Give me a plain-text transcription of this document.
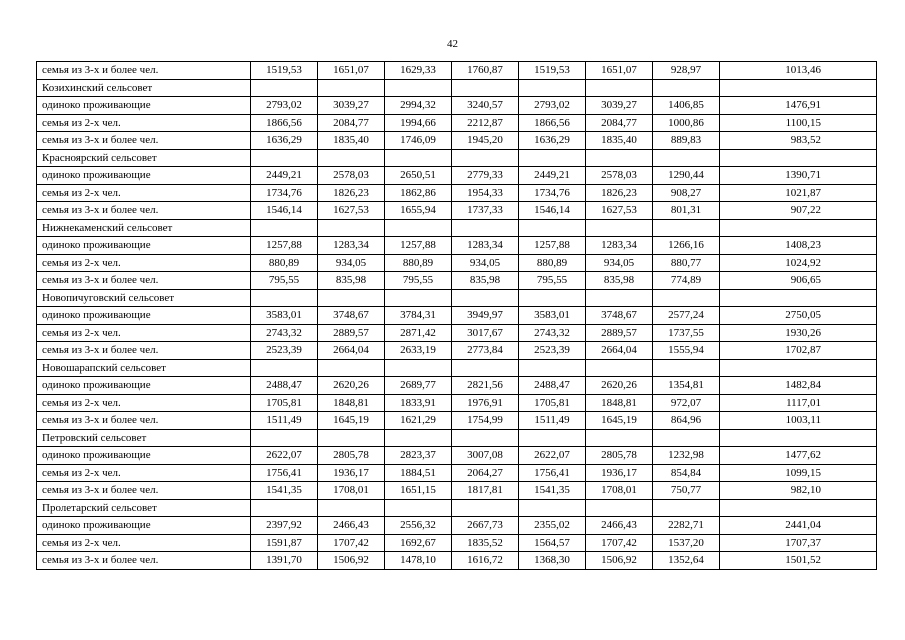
42
семья из 3-х и более чел.	1519,53	1651,07	1629,33	1760,87	1519,53	1651,07	928,97	1013,46
Козихинский сельсовет								
одиноко проживающие	2793,02	3039,27	2994,32	3240,57	2793,02	3039,27	1406,85	1476,91
семья из 2-х чел.	1866,56	2084,77	1994,66	2212,87	1866,56	2084,77	1000,86	1100,15
семья из 3-х и более чел.	1636,29	1835,40	1746,09	1945,20	1636,29	1835,40	889,83	983,52
Красноярский сельсовет								
одиноко проживающие	2449,21	2578,03	2650,51	2779,33	2449,21	2578,03	1290,44	1390,71
семья из 2-х чел.	1734,76	1826,23	1862,86	1954,33	1734,76	1826,23	908,27	1021,87
семья из 3-х и более чел.	1546,14	1627,53	1655,94	1737,33	1546,14	1627,53	801,31	907,22
Нижнекаменский сельсовет								
одиноко проживающие	1257,88	1283,34	1257,88	1283,34	1257,88	1283,34	1266,16	1408,23
семья из 2-х чел.	880,89	934,05	880,89	934,05	880,89	934,05	880,77	1024,92
семья из 3-х и более чел.	795,55	835,98	795,55	835,98	795,55	835,98	774,89	906,65
Новопичуговский сельсовет								
одиноко проживающие	3583,01	3748,67	3784,31	3949,97	3583,01	3748,67	2577,24	2750,05
семья из 2-х чел.	2743,32	2889,57	2871,42	3017,67	2743,32	2889,57	1737,55	1930,26
семья из 3-х и более чел.	2523,39	2664,04	2633,19	2773,84	2523,39	2664,04	1555,94	1702,87
Новошарапский сельсовет								
одиноко проживающие	2488,47	2620,26	2689,77	2821,56	2488,47	2620,26	1354,81	1482,84
семья из 2-х чел.	1705,81	1848,81	1833,91	1976,91	1705,81	1848,81	972,07	1117,01
семья из 3-х и более чел.	1511,49	1645,19	1621,29	1754,99	1511,49	1645,19	864,96	1003,11
Петровский сельсовет								
одиноко проживающие	2622,07	2805,78	2823,37	3007,08	2622,07	2805,78	1232,98	1477,62
семья из 2-х чел.	1756,41	1936,17	1884,51	2064,27	1756,41	1936,17	854,84	1099,15
семья из 3-х и более чел.	1541,35	1708,01	1651,15	1817,81	1541,35	1708,01	750,77	982,10
Пролетарский сельсовет								
одиноко проживающие	2397,92	2466,43	2556,32	2667,73	2355,02	2466,43	2282,71	2441,04
семья из 2-х чел.	1591,87	1707,42	1692,67	1835,52	1564,57	1707,42	1537,20	1707,37
семья из 3-х и более чел.	1391,70	1506,92	1478,10	1616,72	1368,30	1506,92	1352,64	1501,52
